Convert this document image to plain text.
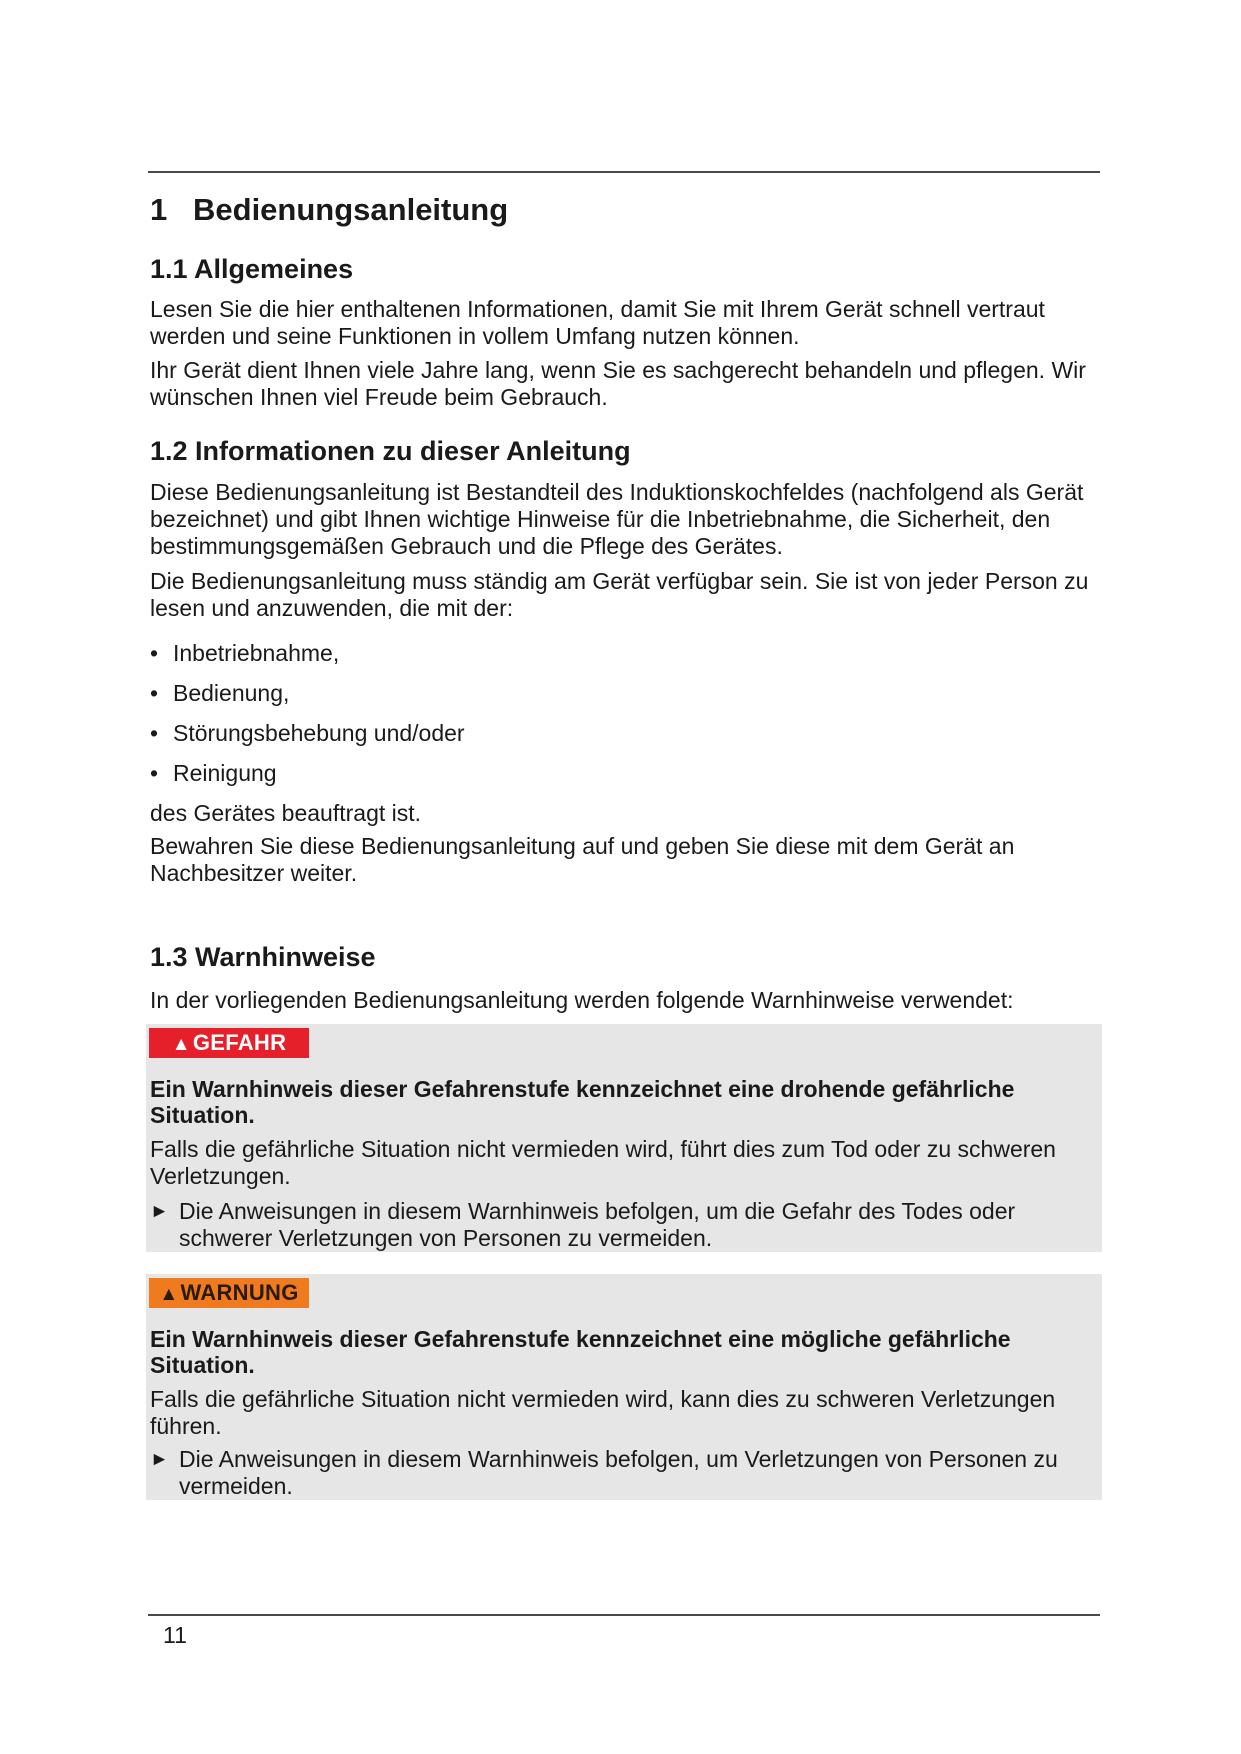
1 Bedienungsanleitung
1.1 Allgemeines

Lesen Sie die hier enthaltenen Informationen, damit Sie mit Ihrem Gerät schnell vertraut werden und seine Funktionen in vollem Umfang nutzen können.

Ihr Gerät dient Ihnen viele Jahre lang, wenn Sie es sachgerecht behandeln und pflegen. Wir wünschen Ihnen viel Freude beim Gebrauch.

1.2 Informationen zu dieser Anleitung

Diese Bedienungsanleitung ist Bestandteil des Induktionskochfeldes (nachfolgend als Gerät bezeichnet) und gibt Ihnen wichtige Hinweise für die Inbetriebnahme, die Sicherheit, den bestimmungsgemäßen Gebrauch und die Pflege des Gerätes.

Die Bedienungsanleitung muss ständig am Gerät verfügbar sein. Sie ist von jeder Person zu lesen und anzuwenden, die mit der:

• Inbetriebnahme,
• Bedienung,
• Störungsbehebung und/oder
• Reinigung

des Gerätes beauftragt ist.

Bewahren Sie diese Bedienungsanleitung auf und geben Sie diese mit dem Gerät an Nachbesitzer weiter.

1.3 Warnhinweise

In der vorliegenden Bedienungsanleitung werden folgende Warnhinweise verwendet:

▲GEFAHR
Ein Warnhinweis dieser Gefahrenstufe kennzeichnet eine drohende gefährliche Situation.
Falls die gefährliche Situation nicht vermieden wird, führt dies zum Tod oder zu schweren Verletzungen.
► Die Anweisungen in diesem Warnhinweis befolgen, um die Gefahr des Todes oder schwerer Verletzungen von Personen zu vermeiden.
▲WARNUNG
Ein Warnhinweis dieser Gefahrenstufe kennzeichnet eine mögliche gefährliche Situation.
Falls die gefährliche Situation nicht vermieden wird, kann dies zu schweren Verletzungen führen.
► Die Anweisungen in diesem Warnhinweis befolgen, um Verletzungen von Personen zu vermeiden.
11
